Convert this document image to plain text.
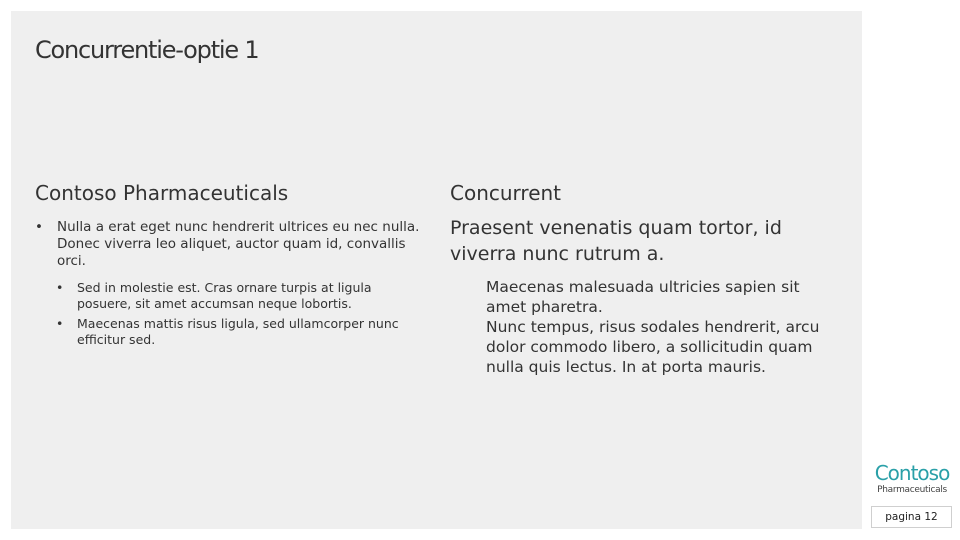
Concurrentie-optie 1
Contoso Pharmaceuticals
•	Nulla a erat eget nunc hendrerit ultrices eu nec nulla. Donec viverra leo aliquet, auctor quam id, convallis orci.
•	Sed in molestie est. Cras ornare turpis at ligula posuere, sit amet accumsan neque lobortis.
•	Maecenas mattis risus ligula, sed ullamcorper nunc efficitur sed.
Concurrent
Praesent venenatis quam tortor, id viverra nunc rutrum a.
Maecenas malesuada ultricies sapien sit amet pharetra.
Nunc tempus, risus sodales hendrerit, arcu dolor commodo libero, a sollicitudin quam nulla quis lectus. In at porta mauris.
Contoso
Pharmaceuticals
pagina 12
